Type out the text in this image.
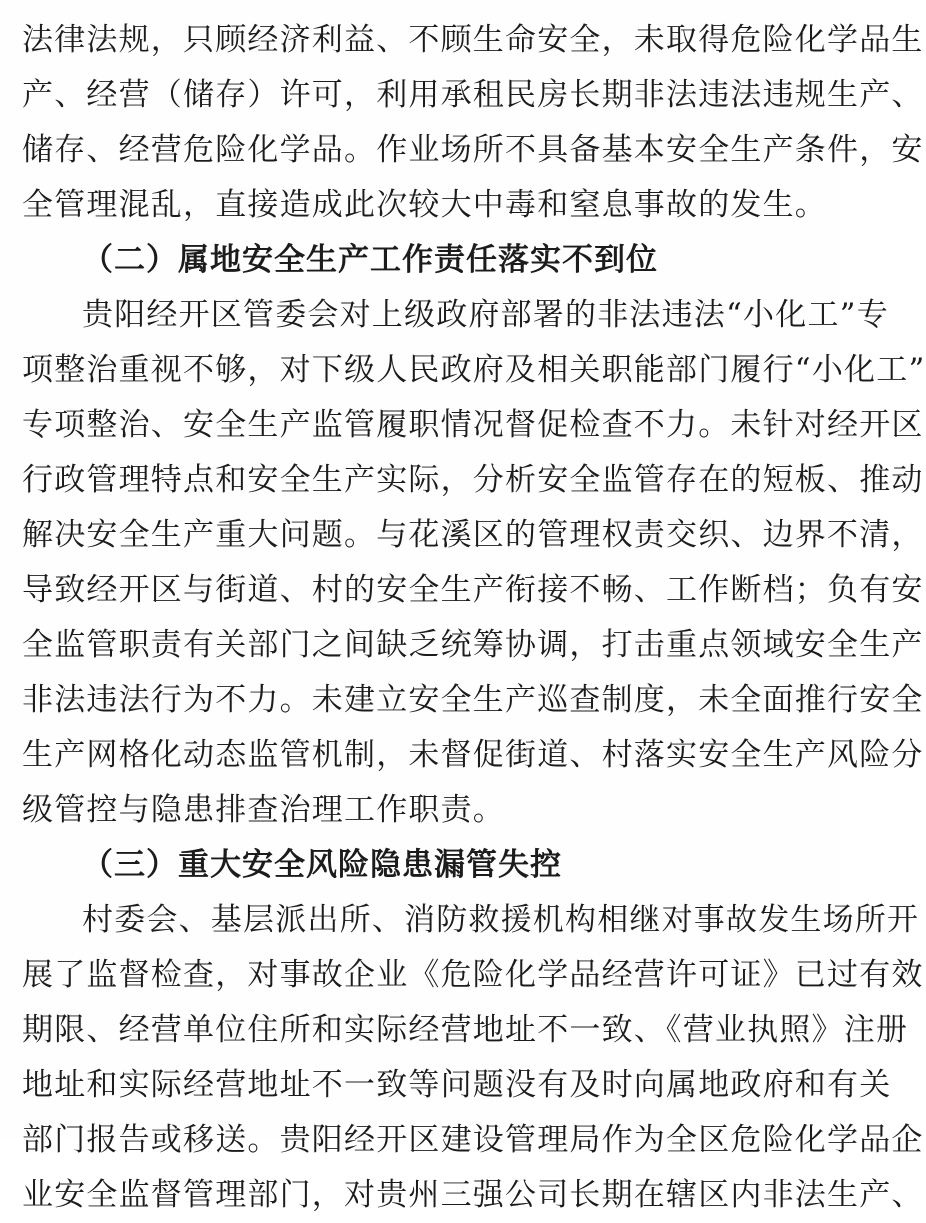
法律法规，只顾经济利益、不顾生命安全，未取得危险化学品生
产、经营（储存）许可，利用承租民房长期非法违法违规生产、
储存、经营危险化学品。作业场所不具备基本安全生产条件，安
全管理混乱，直接造成此次较大中毒和窒息事故的发生。
（二）属地安全生产工作责任落实不到位
贵阳经开区管委会对上级政府部署的非法违法“小化工”专
项整治重视不够，对下级人民政府及相关职能部门履行“小化工”
专项整治、安全生产监管履职情况督促检查不力。未针对经开区
行政管理特点和安全生产实际，分析安全监管存在的短板、推动
解决安全生产重大问题。与花溪区的管理权责交织、边界不清，
导致经开区与街道、村的安全生产衔接不畅、工作断档；负有安
全监管职责有关部门之间缺乏统筹协调，打击重点领域安全生产
非法违法行为不力。未建立安全生产巡查制度，未全面推行安全
生产网格化动态监管机制，未督促街道、村落实安全生产风险分
级管控与隐患排查治理工作职责。
（三）重大安全风险隐患漏管失控
村委会、基层派出所、消防救援机构相继对事故发生场所开
展了监督检查，对事故企业《危险化学品经营许可证》已过有效
期限、经营单位住所和实际经营地址不一致、《营业执照》注册
地址和实际经营地址不一致等问题没有及时向属地政府和有关
部门报告或移送。贵阳经开区建设管理局作为全区危险化学品企
业安全监督管理部门，对贵州三强公司长期在辖区内非法生产、
